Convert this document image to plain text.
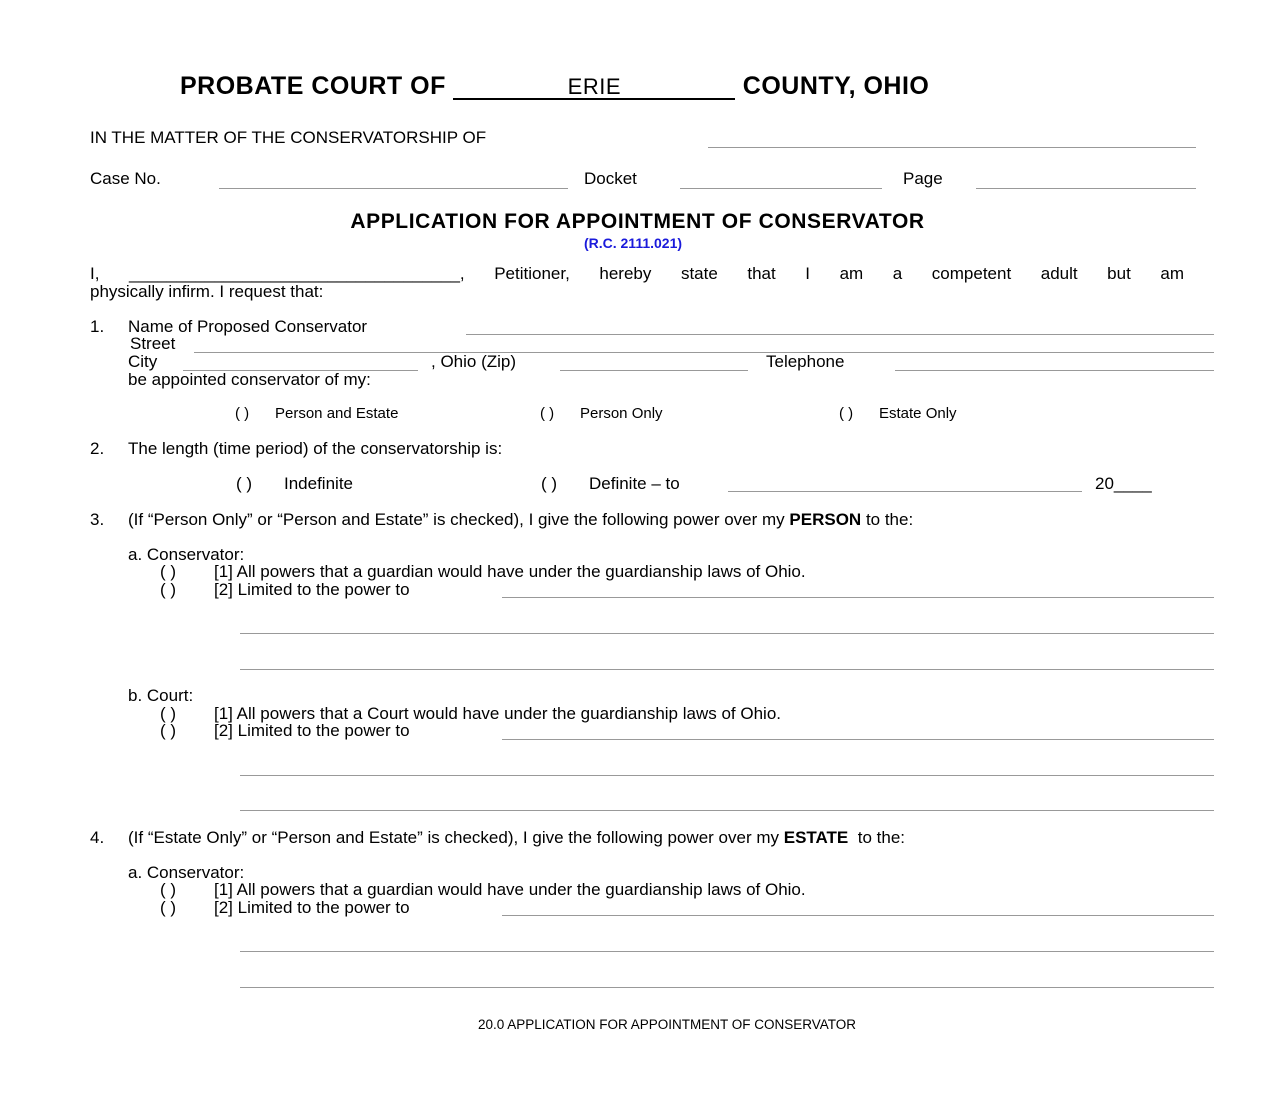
PROBATE COURT OF	ERIE	COUNTY, OHIO
IN THE MATTER OF THE CONSERVATORSHIP OF
Case No.	Docket	Page
APPLICATION FOR APPOINTMENT OF CONSERVATOR
(R.C. 2111.021)
I, ___________________________________, Petitioner, hereby state that I am a competent adult but am
physically infirm. I request that:
1. Name of Proposed Conservator
Street
City	, Ohio (Zip)	Telephone
be appointed conservator of my:
( ) Person and Estate	( ) Person Only	( ) Estate Only
2. The length (time period) of the conservatorship is:
( ) Indefinite	( ) Definite – to	20____
3. (If “Person Only” or “Person and Estate” is checked), I give the following power over my PERSON to the:
a. Conservator:
( ) [1] All powers that a guardian would have under the guardianship laws of Ohio.
( ) [2] Limited to the power to
b. Court:
( ) [1] All powers that a Court would have under the guardianship laws of Ohio.
( ) [2] Limited to the power to
4. (If “Estate Only” or “Person and Estate” is checked), I give the following power over my ESTATE to the:
a. Conservator:
( ) [1] All powers that a guardian would have under the guardianship laws of Ohio.
( ) [2] Limited to the power to
20.0 APPLICATION FOR APPOINTMENT OF CONSERVATOR
